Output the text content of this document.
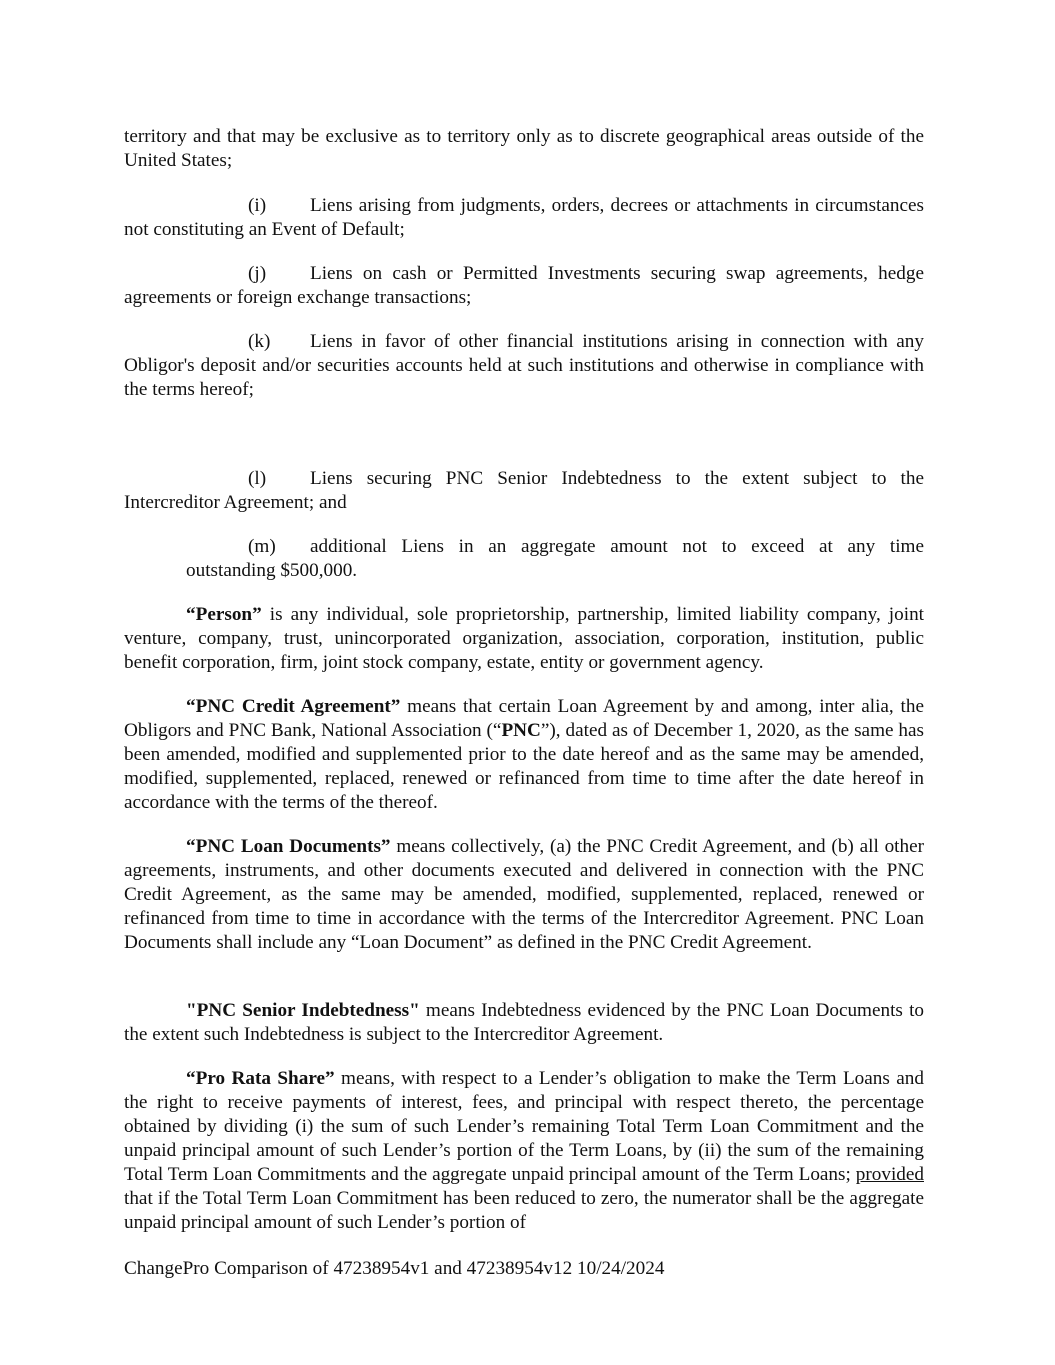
territory and that may be exclusive as to territory only as to discrete geographical areas outside of the United States;

(i) Liens arising from judgments, orders, decrees or attachments in circumstances not constituting an Event of Default;

(j) Liens on cash or Permitted Investments securing swap agreements, hedge agreements or foreign exchange transactions;

(k) Liens in favor of other financial institutions arising in connection with any Obligor's deposit and/or securities accounts held at such institutions and otherwise in compliance with the terms hereof;

(l) Liens securing PNC Senior Indebtedness to the extent subject to the Intercreditor Agreement; and

(m) additional Liens in an aggregate amount not to exceed at any time

outstanding $500,000.

“Person” is any individual, sole proprietorship, partnership, limited liability company, joint venture, company, trust, unincorporated organization, association, corporation, institution, public benefit corporation, firm, joint stock company, estate, entity or government agency.

“PNC Credit Agreement” means that certain Loan Agreement by and among, inter alia, the Obligors and PNC Bank, National Association (“PNC”), dated as of December 1, 2020, as the same has been amended, modified and supplemented prior to the date hereof and as the same may be amended, modified, supplemented, replaced, renewed or refinanced from time to time after the date hereof in accordance with the terms of the thereof.

“PNC Loan Documents” means collectively, (a) the PNC Credit Agreement, and (b) all other agreements, instruments, and other documents executed and delivered in connection with the PNC Credit Agreement, as the same may be amended, modified, supplemented, replaced, renewed or refinanced from time to time in accordance with the terms of the Intercreditor Agreement. PNC Loan Documents shall include any “Loan Document” as defined in the PNC Credit Agreement.

"PNC Senior Indebtedness" means Indebtedness evidenced by the PNC Loan Documents to the extent such Indebtedness is subject to the Intercreditor Agreement.

“Pro Rata Share” means, with respect to a Lender’s obligation to make the Term Loans and the right to receive payments of interest, fees, and principal with respect thereto, the percentage obtained by dividing (i) the sum of such Lender’s remaining Total Term Loan Commitment and the unpaid principal amount of such Lender’s portion of the Term Loans, by (ii) the sum of the remaining Total Term Loan Commitments and the aggregate unpaid principal amount of the Term Loans; provided that if the Total Term Loan Commitment has been reduced to zero, the numerator shall be the aggregate unpaid principal amount of such Lender’s portion of

ChangePro Comparison of 47238954v1 and 47238954v12 10/24/2024
